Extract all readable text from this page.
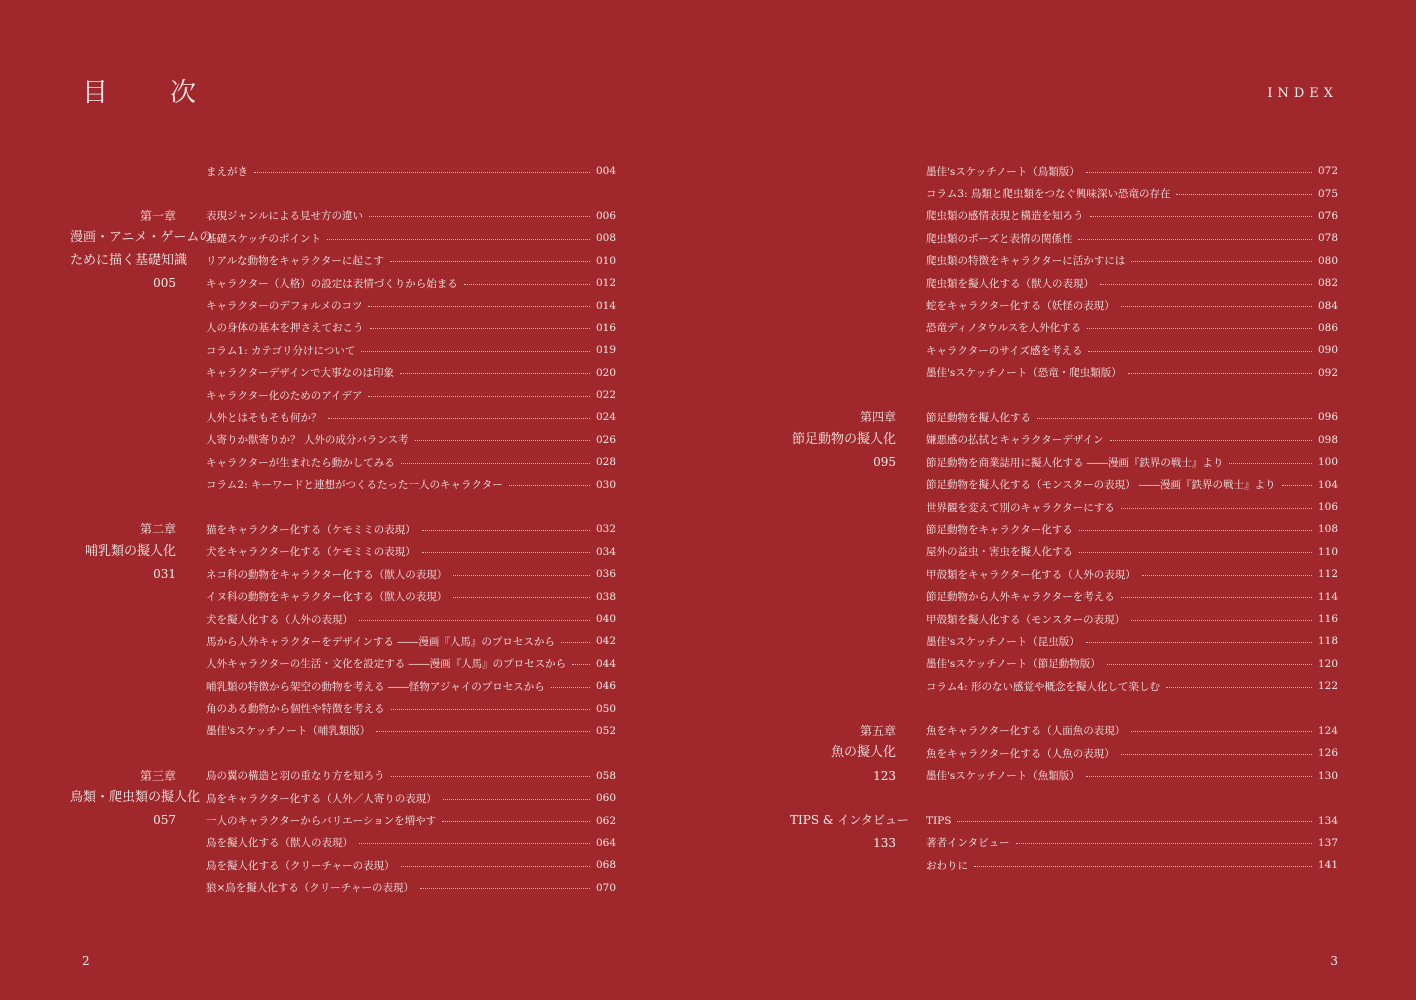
目　次	INDEX
まえがき	004
第一章
漫画・アニメ・ゲームの
ために描く基礎知識
005
表現ジャンルによる見せ方の違い	006
基礎スケッチのポイント	008
リアルな動物をキャラクターに起こす	010
キャラクター（人格）の設定は表情づくりから始まる	012
キャラクターのデフォルメのコツ	014
人の身体の基本を押さえておこう	016
コラム1: カテゴリ分けについて	019
キャラクターデザインで大事なのは印象	020
キャラクター化のためのアイデア	022
人外とはそもそも何か？	024
人寄りか獣寄りか？ 人外の成分バランス考	026
キャラクターが生まれたら動かしてみる	028
コラム2: キーワードと連想がつくるたった一人のキャラクター	030
第二章
哺乳類の擬人化
031
猫をキャラクター化する（ケモミミの表現）	032
犬をキャラクター化する（ケモミミの表現）	034
ネコ科の動物をキャラクター化する（獣人の表現）	036
イヌ科の動物をキャラクター化する（獣人の表現）	038
犬を擬人化する（人外の表現）	040
馬から人外キャラクターをデザインする ――漫画『人馬』のプロセスから	042
人外キャラクターの生活・文化を設定する ――漫画『人馬』のプロセスから	044
哺乳類の特徴から架空の動物を考える ――怪物アジャイのプロセスから	046
角のある動物から個性や特徴を考える	050
墨佳'sスケッチノート（哺乳類版）	052
第三章
鳥類・爬虫類の擬人化
057
鳥の翼の構造と羽の重なり方を知ろう	058
鳥をキャラクター化する（人外／人寄りの表現）	060
一人のキャラクターからバリエーションを増やす	062
鳥を擬人化する（獣人の表現）	064
鳥を擬人化する（クリーチャーの表現）	068
狼×鳥を擬人化する（クリーチャーの表現）	070
墨佳'sスケッチノート（鳥類版）	072
コラム3: 鳥類と爬虫類をつなぐ興味深い恐竜の存在	075
爬虫類の感情表現と構造を知ろう	076
爬虫類のポーズと表情の関係性	078
爬虫類の特徴をキャラクターに活かすには	080
爬虫類を擬人化する（獣人の表現）	082
蛇をキャラクター化する（妖怪の表現）	084
恐竜ディノタウルスを人外化する	086
キャラクターのサイズ感を考える	090
墨佳'sスケッチノート（恐竜・爬虫類版）	092
第四章
節足動物の擬人化
095
節足動物を擬人化する	096
嫌悪感の払拭とキャラクターデザイン	098
節足動物を商業誌用に擬人化する ――漫画『鉄界の戦士』より	100
節足動物を擬人化する（モンスターの表現） ――漫画『鉄界の戦士』より	104
世界観を変えて別のキャラクターにする	106
節足動物をキャラクター化する	108
屋外の益虫・害虫を擬人化する	110
甲殻類をキャラクター化する（人外の表現）	112
節足動物から人外キャラクターを考える	114
甲殻類を擬人化する（モンスターの表現）	116
墨佳'sスケッチノート（昆虫版）	118
墨佳'sスケッチノート（節足動物版）	120
コラム4: 形のない感覚や概念を擬人化して楽しむ	122
第五章
魚の擬人化
123
魚をキャラクター化する（人面魚の表現）	124
魚をキャラクター化する（人魚の表現）	126
墨佳'sスケッチノート（魚類版）	130
TIPS & インタビュー
133
TIPS	134
著者インタビュー	137
おわりに	141
2	3
